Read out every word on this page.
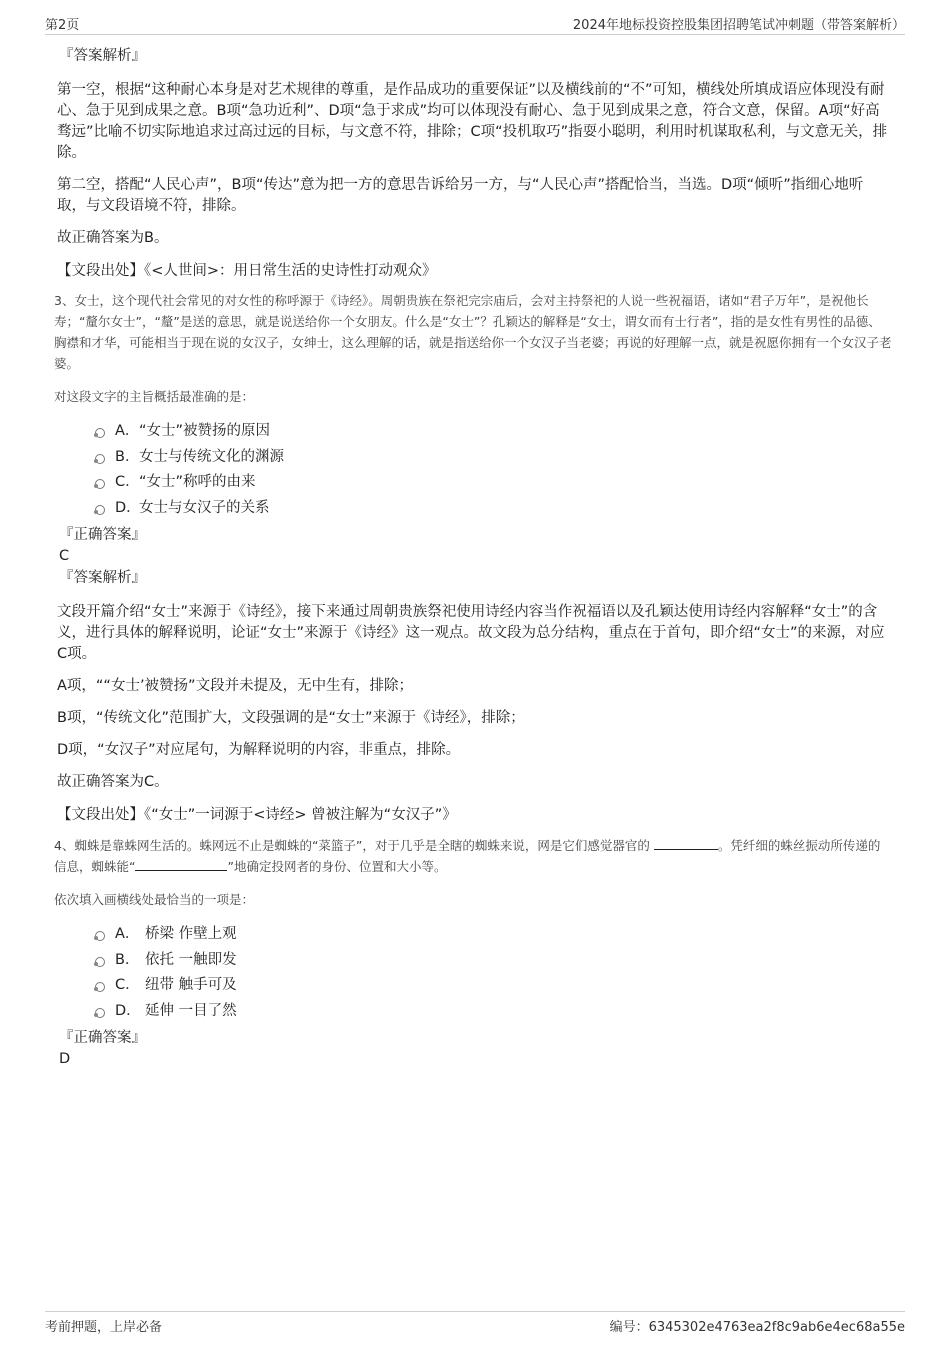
第2页	2024年地标投资控股集团招聘笔试冲刺题（带答案解析）
『答案解析』

第一空，根据“这种耐心本身是对艺术规律的尊重，是作品成功的重要保证”以及横线前的“不”可知，横线处所填成语应体现没有耐心、急于见到成果之意。B项“急功近利”、D项“急于求成”均可以体现没有耐心、急于见到成果之意，符合文意，保留。A项“好高骛远”比喻不切实际地追求过高过远的目标，与文意不符，排除；C项“投机取巧”指耍小聪明，利用时机谋取私利，与文意无关，排除。

第二空，搭配“人民心声”，B项“传达”意为把一方的意思告诉给另一方，与“人民心声”搭配恰当，当选。D项“倾听”指细心地听取，与文段语境不符，排除。

故正确答案为B。

【文段出处】《<人世间>：用日常生活的史诗性打动观众》

3、女士，这个现代社会常见的对女性的称呼源于《诗经》。周朝贵族在祭祀完宗庙后，会对主持祭祀的人说一些祝福语，诸如“君子万年”，是祝他长寿；“釐尔女士”，“釐”是送的意思，就是说送给你一个女朋友。什么是“女士”？孔颖达的解释是“女士，谓女而有士行者”，指的是女性有男性的品德、胸襟和才华，可能相当于现在说的女汉子，女绅士，这么理解的话，就是指送给你一个女汉子当老婆；再说的好理解一点，就是祝愿你拥有一个女汉子老婆。

对这段文字的主旨概括最准确的是：

A．“女士”被赞扬的原因
B．女士与传统文化的渊源
C．“女士”称呼的由来
D．女士与女汉子的关系
『正确答案』
C
『答案解析』

文段开篇介绍“女士”来源于《诗经》，接下来通过周朝贵族祭祀使用诗经内容当作祝福语以及孔颖达使用诗经内容解释“女士”的含义，进行具体的解释说明，论证“女士”来源于《诗经》这一观点。故文段为总分结构，重点在于首句，即介绍“女士”的来源，对应C项。

A项，““女士’被赞扬”文段并未提及，无中生有，排除；

B项，“传统文化”范围扩大，文段强调的是“女士”来源于《诗经》，排除；

D项，“女汉子”对应尾句，为解释说明的内容，非重点，排除。

故正确答案为C。

【文段出处】《“女士”一词源于<诗经> 曾被注解为“女汉子”》

4、蜘蛛是靠蛛网生活的。蛛网远不止是蜘蛛的“菜篮子”，对于几乎是全瞎的蜘蛛来说，网是它们感觉器官的	。凭纤细的蛛丝振动所传递的信息，蜘蛛能“	”地确定投网者的身份、位置和大小等。

依次填入画横线处最恰当的一项是：

A． 桥梁 作壁上观
B． 依托 一触即发
C． 纽带 触手可及
D． 延伸 一目了然
『正确答案』
D
考前押题，上岸必备	编号：6345302e4763ea2f8c9ab6e4ec68a55e
